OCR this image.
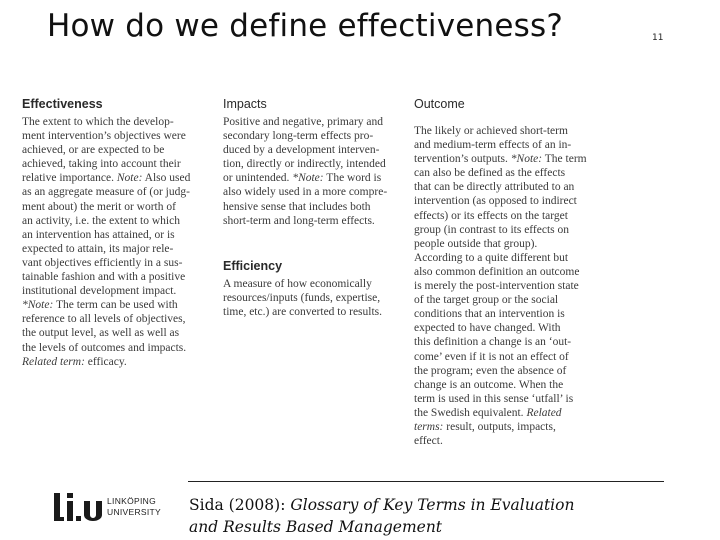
How do we define effectiveness?	11
Effectiveness

The extent to which the develop-
ment intervention’s objectives were
achieved, or are expected to be
achieved, taking into account their
relative importance. Note: Also used
as an aggregate measure of (or judg-
ment about) the merit or worth of
an activity, i.e. the extent to which
an intervention has attained, or is
expected to attain, its major rele-
vant objectives efficiently in a sus-
tainable fashion and with a positive
institutional development impact.
*Note: The term can be used with
reference to all levels of objectives,
the output level, as well as well as
the levels of outcomes and impacts.
Related term: efficacy.

Impacts

Positive and negative, primary and
secondary long-term effects pro-
duced by a development interven-
tion, directly or indirectly, intended
or unintended. *Note: The word is
also widely used in a more compre-
hensive sense that includes both
short-term and long-term effects.

Efficiency

A measure of how economically
resources/inputs (funds, expertise,
time, etc.) are converted to results.

Outcome

The likely or achieved short-term
and medium-term effects of an in-
tervention’s outputs. *Note: The term
can also be defined as the effects
that can be directly attributed to an
intervention (as opposed to indirect
effects) or its effects on the target
group (in contrast to its effects on
people outside that group).
According to a quite different but
also common definition an outcome
is merely the post-intervention state
of the target group or the social
conditions that an intervention is
expected to have changed. With
this definition a change is an ‘out-
come’ even if it is not an effect of
the program; even the absence of
change is an outcome. When the
term is used in this sense ‘utfall’ is
the Swedish equivalent. Related
terms: result, outputs, impacts,
effect.

LINKÖPING
UNIVERSITY Sida (2008): Glossary of Key Terms in Evaluation
and Results Based Management
